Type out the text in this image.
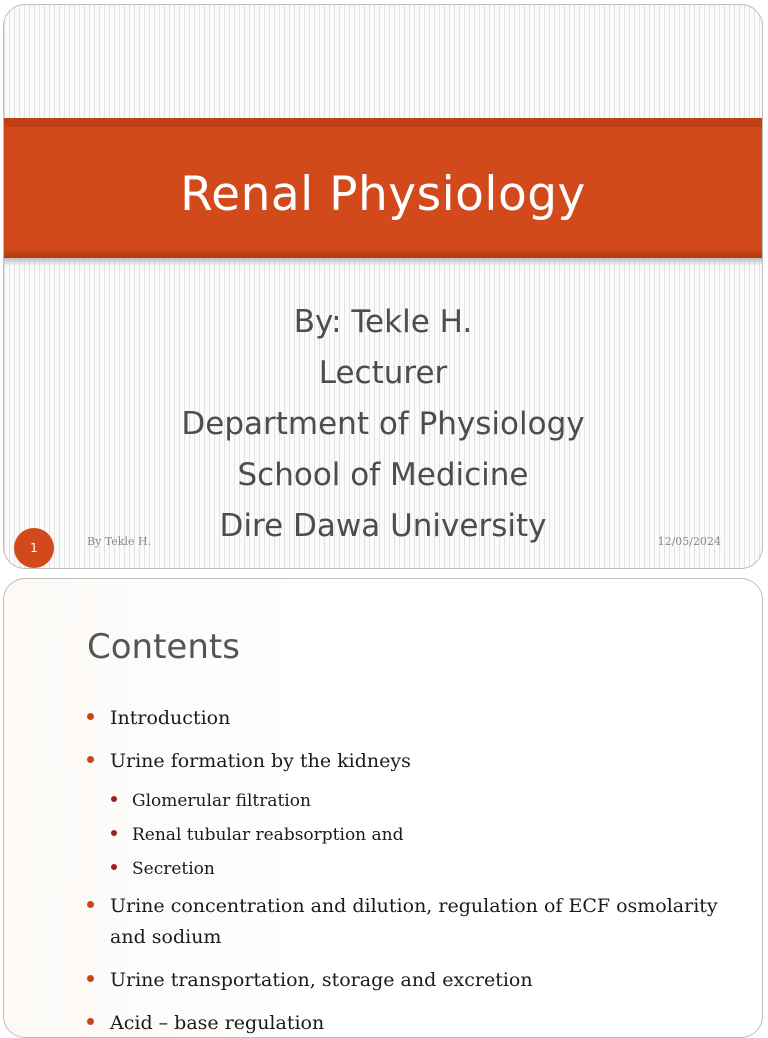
Renal Physiology
By: Tekle H.
Lecturer
Department of Physiology
School of Medicine
Dire Dawa University
1	By Tekle H.	12/05/2024
Contents
Introduction
Urine formation by the kidneys
Glomerular filtration
Renal tubular reabsorption and
Secretion
Urine concentration and dilution, regulation of ECF osmolarity and sodium
Urine transportation, storage and excretion
Acid – base regulation
